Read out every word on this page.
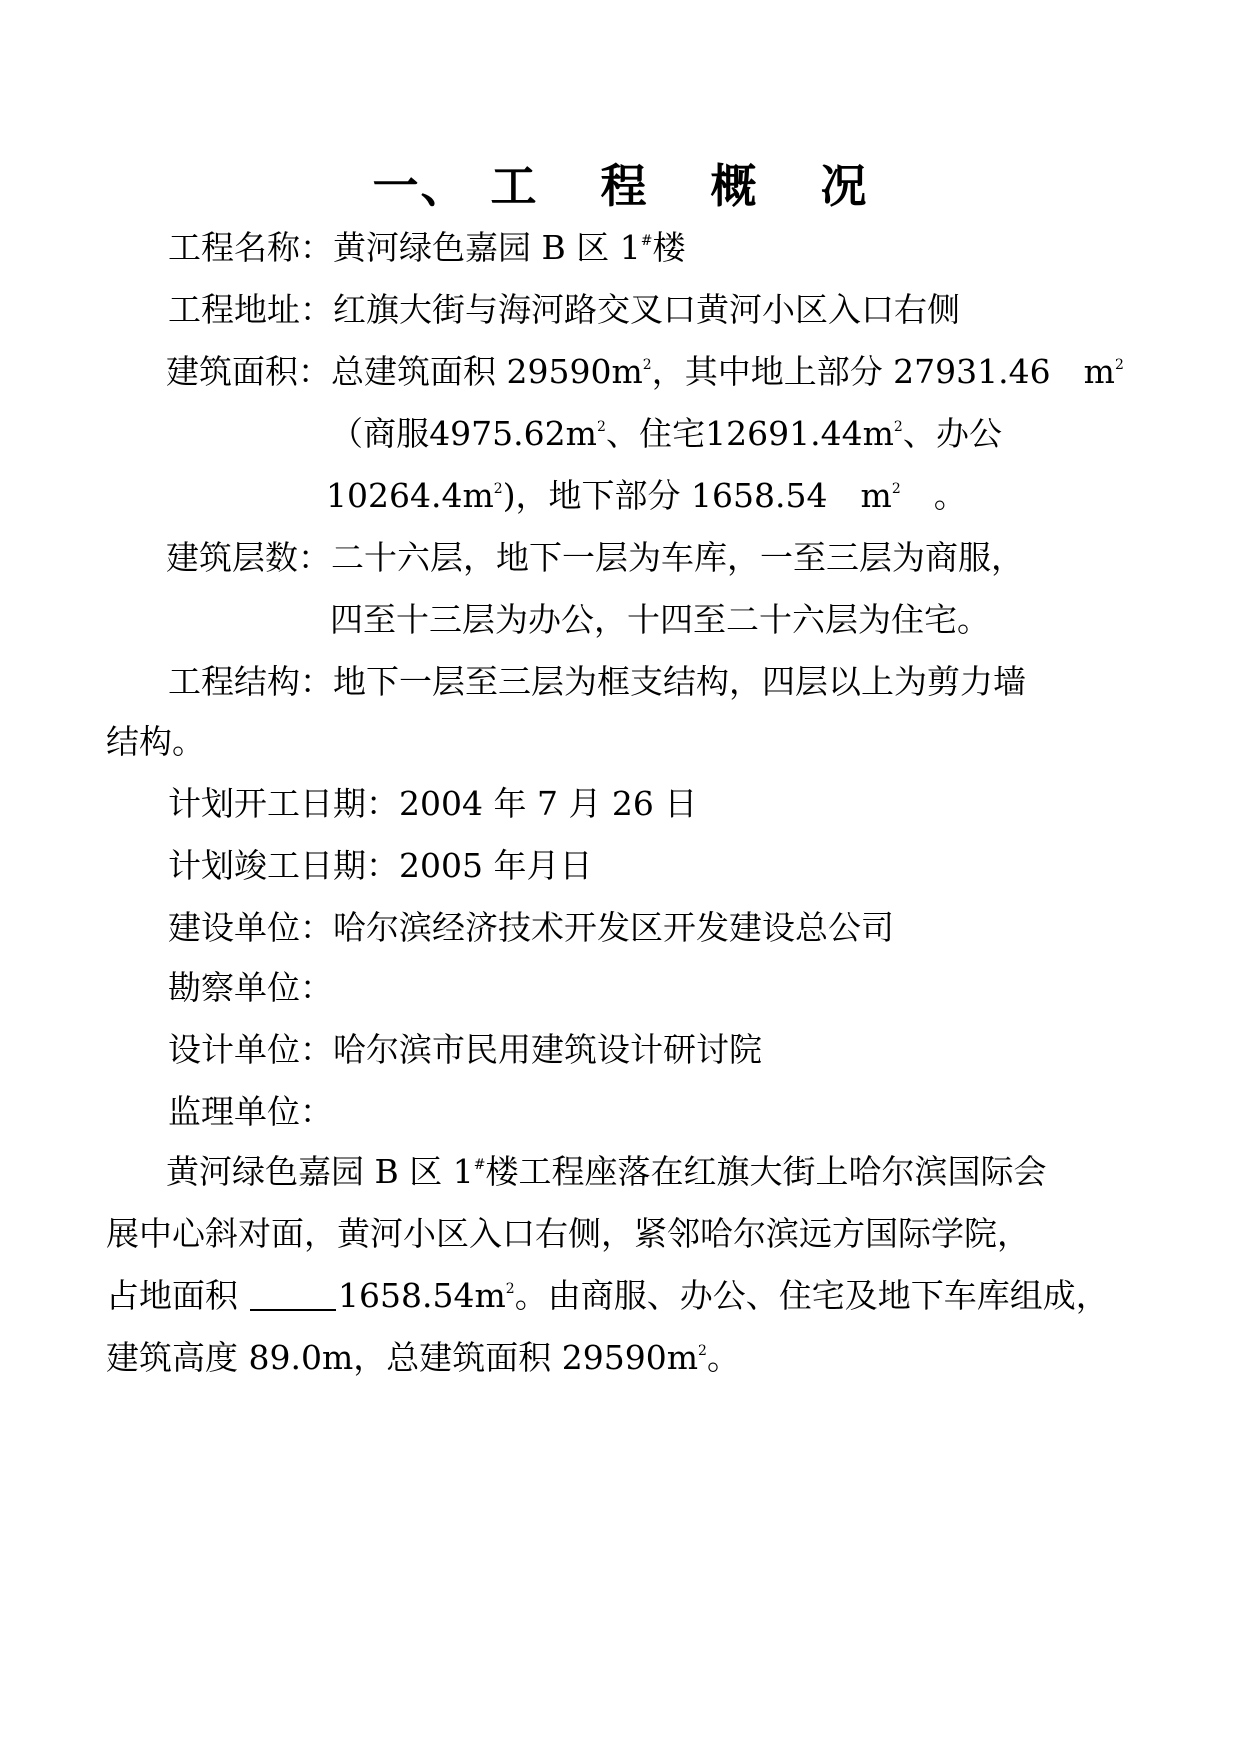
一、 工 程 概 况
工程名称：黄河绿色嘉园 B 区 1#楼
工程地址：红旗大街与海河路交叉口黄河小区入口右侧
建筑面积：总建筑面积 $29590m^2$，其中地上部分 27931.46　$m^2$
（ 商 服 $4975.62m^2$ 、 住 宅 $12691.44m^2$ 、 办 公
$10264.4m^2$)，地下部分 1658.54　$m^2$　。
建筑层数：二十六层，地下一层为车库，一至三层为商服，
四至十三层为办公，十四至二十六层为住宅。
工程结构：地下一层至三层为框支结构，四层以上为剪力墙
结构。
计划开工日期：2004 年 7 月 26 日
计划竣工日期：2005 年月日
建设单位：哈尔滨经济技术开发区开发建设总公司
勘察单位：
设计单位：哈尔滨市民用建筑设计研讨院
监理单位：
黄河绿色嘉园 B 区 1#楼工程座落在红旗大街上哈尔滨国际会
展中心斜对面，黄河小区入口右侧，紧邻哈尔滨远方国际学院，
占地面积	$1658.54m^2$。由商服、办公、住宅及地下车库组成，
建筑高度 89.0m，总建筑面积 $29590m^2$。
